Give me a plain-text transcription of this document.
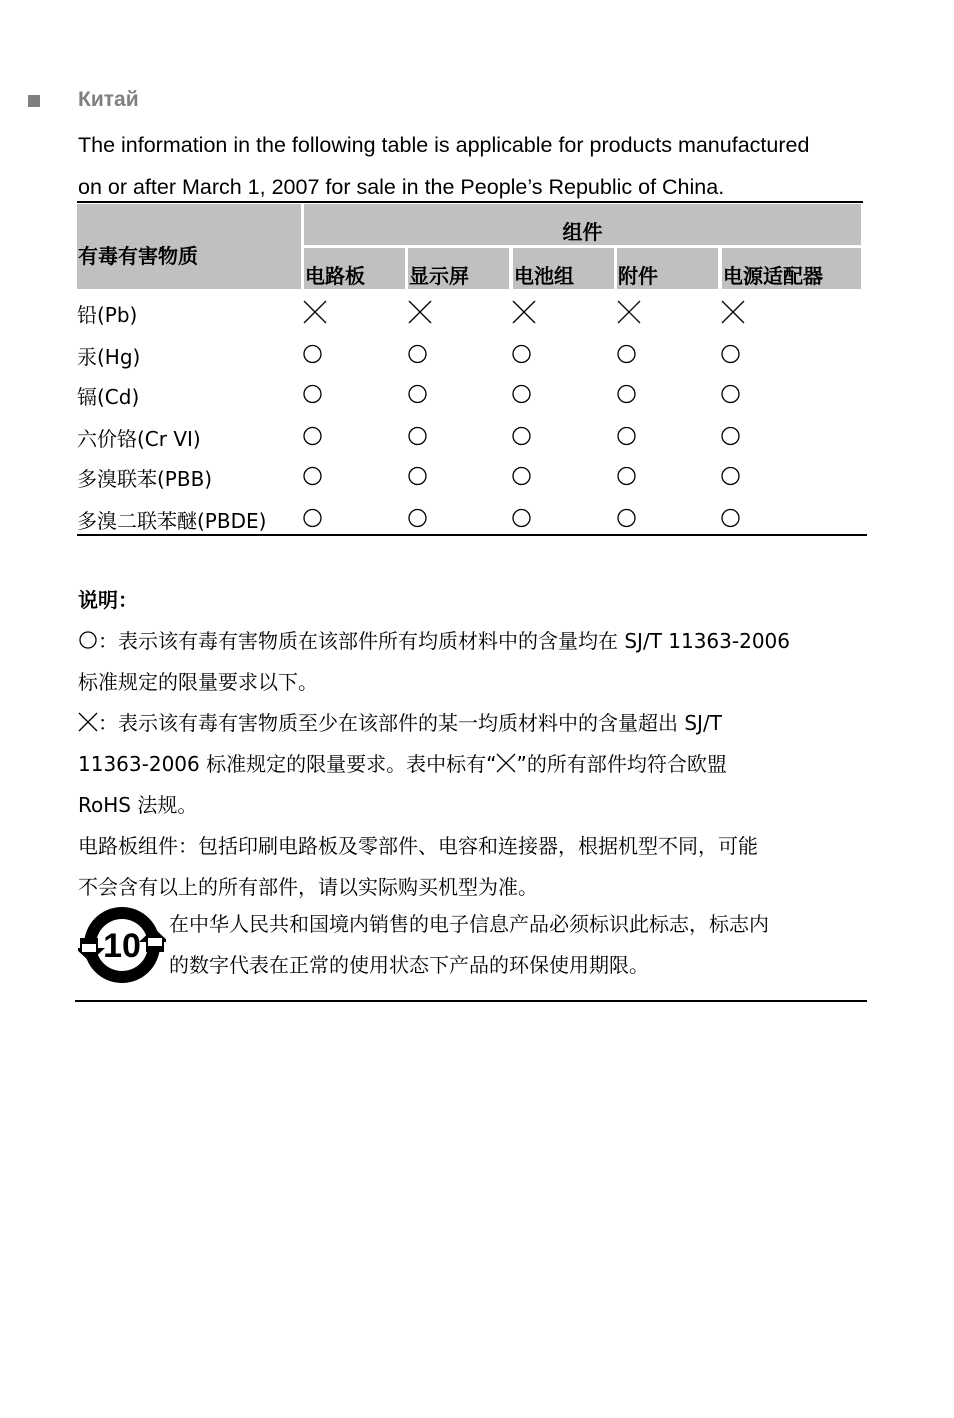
Китай
The information in the following table is applicable for products manufactured
on or after March 1, 2007 for sale in the People’s Republic of China.
有毒有害物质
组件
电路板 显示屏 电池组 附件	电源适配器
铅(Pb)
汞(Hg)
镉(Cd)
六价铬(Cr VI)
多溴联苯(PBB)
多溴二联苯醚(PBDE)
说明：
：表示该有毒有害物质在该部件所有均质材料中的含量均在 SJ/T 11363-2006
标准规定的限量要求以下。
：表示该有毒有害物质至少在该部件的某一均质材料中的含量超出 SJ/T
11363-2006 标准规定的限量要求。表中标有“ ”的所有部件均符合欧盟
RoHS 法规。
电路板组件：包括印刷电路板及零部件、电容和连接器，根据机型不同，可能
不会含有以上的所有部件，请以实际购买机型为准。
10
在中华人民共和国境内销售的电子信息产品必须标识此标志，标志内
的数字代表在正常的使用状态下产品的环保使用期限。
